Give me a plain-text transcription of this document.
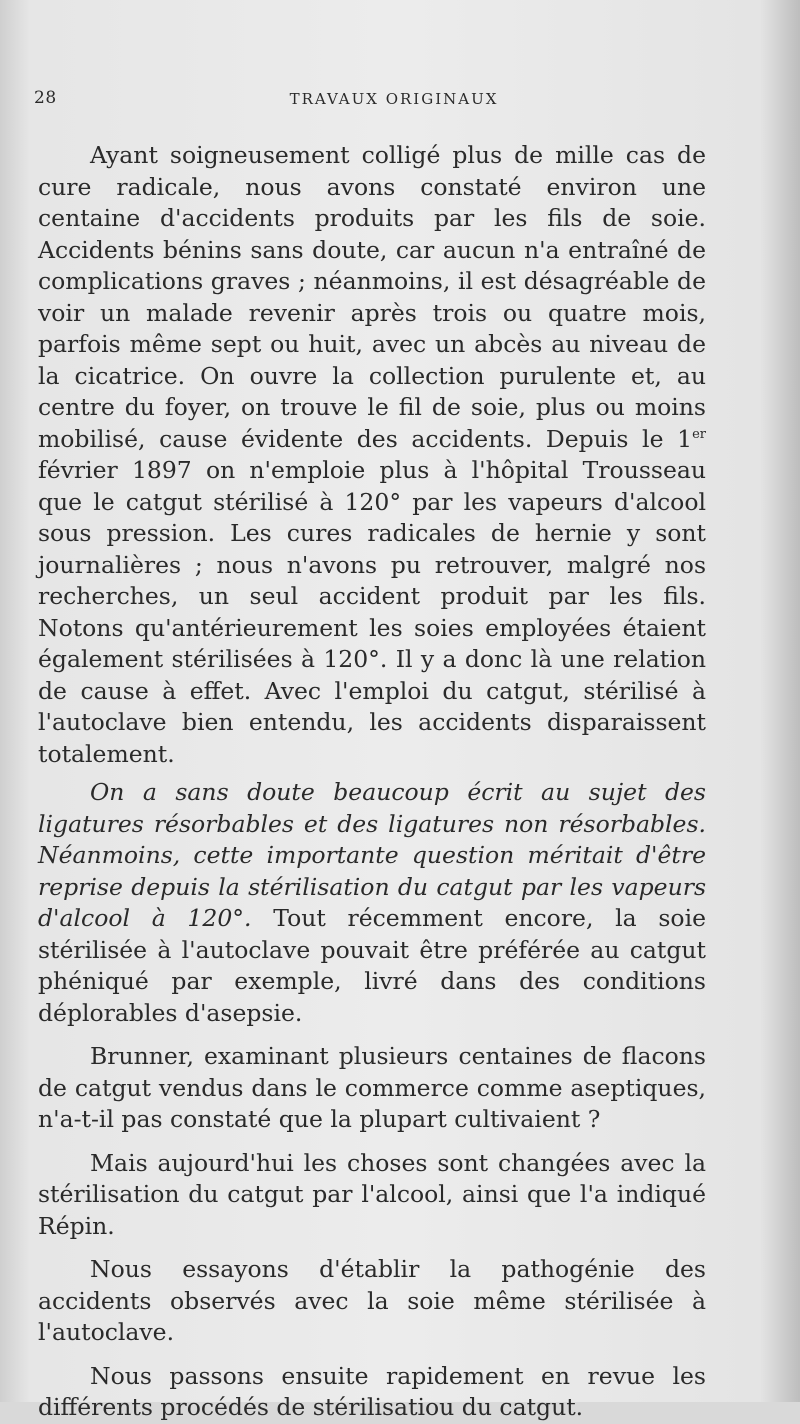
28	TRAVAUX ORIGINAUX

Ayant soigneusement colligé plus de mille cas de cure radicale, nous avons constaté environ une centaine d'accidents produits par les fils de soie. Accidents bénins sans doute, car aucun n'a entraîné de complications graves ; néanmoins, il est désagréable de voir un malade revenir après trois ou quatre mois, parfois même sept ou huit, avec un abcès au niveau de la cicatrice. On ouvre la collection purulente et, au centre du foyer, on trouve le fil de soie, plus ou moins mobilisé, cause évidente des accidents. Depuis le 1er février 1897 on n'emploie plus à l'hôpital Trousseau que le catgut stérilisé à 120° par les vapeurs d'alcool sous pression. Les cures radicales de hernie y sont journalières ; nous n'avons pu retrouver, malgré nos recherches, un seul accident produit par les fils. Notons qu'antérieurement les soies employées étaient également stérilisées à 120°. Il y a donc là une relation de cause à effet. Avec l'emploi du catgut, stérilisé à l'autoclave bien entendu, les accidents disparaissent totalement.

On a sans doute beaucoup écrit au sujet des ligatures résorbables et des ligatures non résorbables. Néanmoins, cette importante question méritait d'être reprise depuis la stérilisation du catgut par les vapeurs d'alcool à 120°. Tout récemment encore, la soie stérilisée à l'autoclave pouvait être préférée au catgut phéniqué par exemple, livré dans des conditions déplorables d'asepsie.

Brunner, examinant plusieurs centaines de flacons de catgut vendus dans le commerce comme aseptiques, n'a-t-il pas constaté que la plupart cultivaient ?

Mais aujourd'hui les choses sont changées avec la stérilisation du catgut par l'alcool, ainsi que l'a indiqué Répin.

Nous essayons d'établir la pathogénie des accidents observés avec la soie même stérilisée à l'autoclave.

Nous passons ensuite rapidement en revue les différents procédés de stérilisatiou du catgut.
